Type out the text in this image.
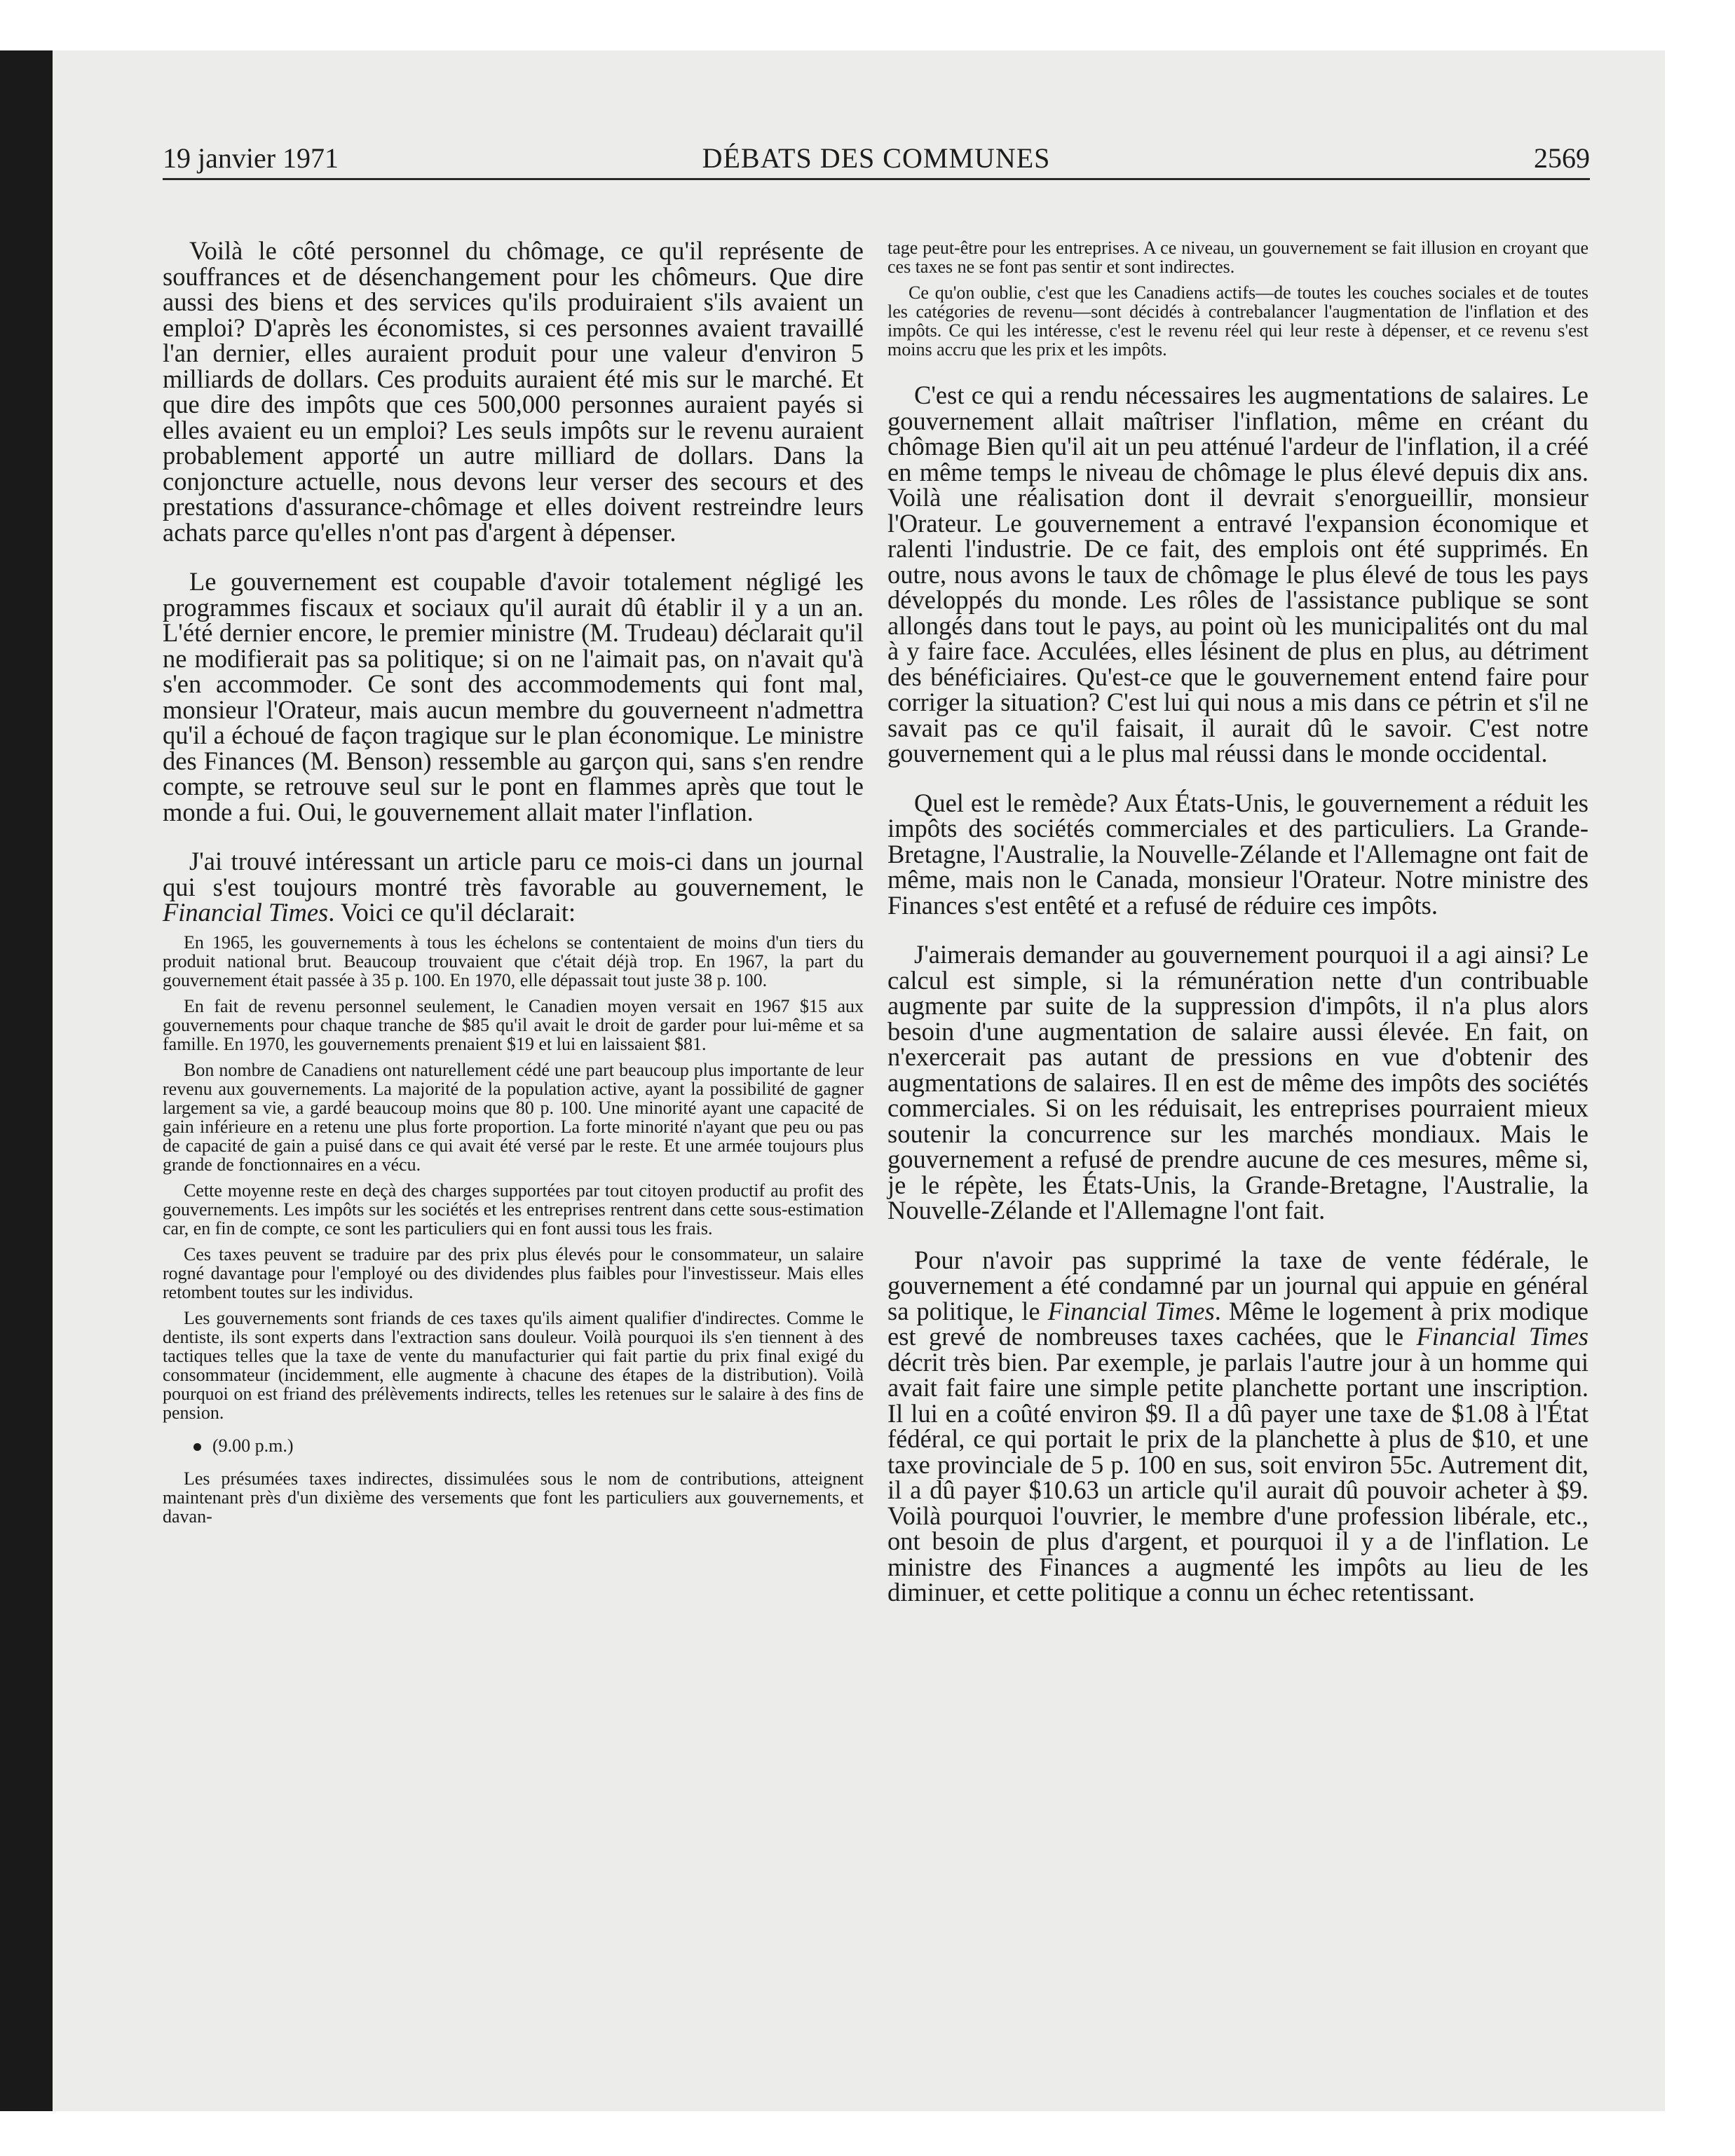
19 janvier 1971	DÉBATS DES COMMUNES	2569

Voilà le côté personnel du chômage, ce qu'il représente de souffrances et de désenchangement pour les chômeurs. Que dire aussi des biens et des services qu'ils produiraient s'ils avaient un emploi? D'après les économistes, si ces personnes avaient travaillé l'an dernier, elles auraient produit pour une valeur d'environ 5 milliards de dollars. Ces produits auraient été mis sur le marché. Et que dire des impôts que ces 500,000 personnes auraient payés si elles avaient eu un emploi? Les seuls impôts sur le revenu auraient probablement apporté un autre milliard de dollars. Dans la conjoncture actuelle, nous devons leur verser des secours et des prestations d'assurance-chômage et elles doivent restreindre leurs achats parce qu'elles n'ont pas d'argent à dépenser.

Le gouvernement est coupable d'avoir totalement négligé les programmes fiscaux et sociaux qu'il aurait dû établir il y a un an. L'été dernier encore, le premier ministre (M. Trudeau) déclarait qu'il ne modifierait pas sa politique; si on ne l'aimait pas, on n'avait qu'à s'en accommoder. Ce sont des accommodements qui font mal, monsieur l'Orateur, mais aucun membre du gouverneent n'admettra qu'il a échoué de façon tragique sur le plan économique. Le ministre des Finances (M. Benson) ressemble au garçon qui, sans s'en rendre compte, se retrouve seul sur le pont en flammes après que tout le monde a fui. Oui, le gouvernement allait mater l'inflation.

J'ai trouvé intéressant un article paru ce mois-ci dans un journal qui s'est toujours montré très favorable au gouvernement, le Financial Times. Voici ce qu'il déclarait:

En 1965, les gouvernements à tous les échelons se contentaient de moins d'un tiers du produit national brut. Beaucoup trouvaient que c'était déjà trop. En 1967, la part du gouvernement était passée à 35 p. 100. En 1970, elle dépassait tout juste 38 p. 100.

En fait de revenu personnel seulement, le Canadien moyen versait en 1967 $15 aux gouvernements pour chaque tranche de $85 qu'il avait le droit de garder pour lui-même et sa famille. En 1970, les gouvernements prenaient $19 et lui en laissaient $81.

Bon nombre de Canadiens ont naturellement cédé une part beaucoup plus importante de leur revenu aux gouvernements. La majorité de la population active, ayant la possibilité de gagner largement sa vie, a gardé beaucoup moins que 80 p. 100. Une minorité ayant une capacité de gain inférieure en a retenu une plus forte proportion. La forte minorité n'ayant que peu ou pas de capacité de gain a puisé dans ce qui avait été versé par le reste. Et une armée toujours plus grande de fonctionnaires en a vécu.

Cette moyenne reste en deçà des charges supportées par tout citoyen productif au profit des gouvernements. Les impôts sur les sociétés et les entreprises rentrent dans cette sous-estimation car, en fin de compte, ce sont les particuliers qui en font aussi tous les frais.

Ces taxes peuvent se traduire par des prix plus élevés pour le consommateur, un salaire rogné davantage pour l'employé ou des dividendes plus faibles pour l'investisseur. Mais elles retombent toutes sur les individus.

Les gouvernements sont friands de ces taxes qu'ils aiment qualifier d'indirectes. Comme le dentiste, ils sont experts dans l'extraction sans douleur. Voilà pourquoi ils s'en tiennent à des tactiques telles que la taxe de vente du manufacturier qui fait partie du prix final exigé du consommateur (incidemment, elle augmente à chacune des étapes de la distribution). Voilà pourquoi on est friand des prélèvements indirects, telles les retenues sur le salaire à des fins de pension.

(9.00 p.m.)

Les présumées taxes indirectes, dissimulées sous le nom de contributions, atteignent maintenant près d'un dixième des versements que font les particuliers aux gouvernements, et davan-

tage peut-être pour les entreprises. A ce niveau, un gouvernement se fait illusion en croyant que ces taxes ne se font pas sentir et sont indirectes.

Ce qu'on oublie, c'est que les Canadiens actifs—de toutes les couches sociales et de toutes les catégories de revenu—sont décidés à contrebalancer l'augmentation de l'inflation et des impôts. Ce qui les intéresse, c'est le revenu réel qui leur reste à dépenser, et ce revenu s'est moins accru que les prix et les impôts.

C'est ce qui a rendu nécessaires les augmentations de salaires. Le gouvernement allait maîtriser l'inflation, même en créant du chômage Bien qu'il ait un peu atténué l'ardeur de l'inflation, il a créé en même temps le niveau de chômage le plus élevé depuis dix ans. Voilà une réalisation dont il devrait s'enorgueillir, monsieur l'Orateur. Le gouvernement a entravé l'expansion économique et ralenti l'industrie. De ce fait, des emplois ont été supprimés. En outre, nous avons le taux de chômage le plus élevé de tous les pays développés du monde. Les rôles de l'assistance publique se sont allongés dans tout le pays, au point où les municipalités ont du mal à y faire face. Acculées, elles lésinent de plus en plus, au détriment des bénéficiaires. Qu'est-ce que le gouvernement entend faire pour corriger la situation? C'est lui qui nous a mis dans ce pétrin et s'il ne savait pas ce qu'il faisait, il aurait dû le savoir. C'est notre gouvernement qui a le plus mal réussi dans le monde occidental.

Quel est le remède? Aux États-Unis, le gouvernement a réduit les impôts des sociétés commerciales et des particuliers. La Grande-Bretagne, l'Australie, la Nouvelle-Zélande et l'Allemagne ont fait de même, mais non le Canada, monsieur l'Orateur. Notre ministre des Finances s'est entêté et a refusé de réduire ces impôts.

J'aimerais demander au gouvernement pourquoi il a agi ainsi? Le calcul est simple, si la rémunération nette d'un contribuable augmente par suite de la suppression d'impôts, il n'a plus alors besoin d'une augmentation de salaire aussi élevée. En fait, on n'exercerait pas autant de pressions en vue d'obtenir des augmentations de salaires. Il en est de même des impôts des sociétés commerciales. Si on les réduisait, les entreprises pourraient mieux soutenir la concurrence sur les marchés mondiaux. Mais le gouvernement a refusé de prendre aucune de ces mesures, même si, je le répète, les États-Unis, la Grande-Bretagne, l'Australie, la Nouvelle-Zélande et l'Allemagne l'ont fait.

Pour n'avoir pas supprimé la taxe de vente fédérale, le gouvernement a été condamné par un journal qui appuie en général sa politique, le Financial Times. Même le logement à prix modique est grevé de nombreuses taxes cachées, que le Financial Times décrit très bien. Par exemple, je parlais l'autre jour à un homme qui avait fait faire une simple petite planchette portant une inscription. Il lui en a coûté environ $9. Il a dû payer une taxe de $1.08 à l'État fédéral, ce qui portait le prix de la planchette à plus de $10, et une taxe provinciale de 5 p. 100 en sus, soit environ 55c. Autrement dit, il a dû payer $10.63 un article qu'il aurait dû pouvoir acheter à $9. Voilà pourquoi l'ouvrier, le membre d'une profession libérale, etc., ont besoin de plus d'argent, et pourquoi il y a de l'inflation. Le ministre des Finances a augmenté les impôts au lieu de les diminuer, et cette politique a connu un échec retentissant.
